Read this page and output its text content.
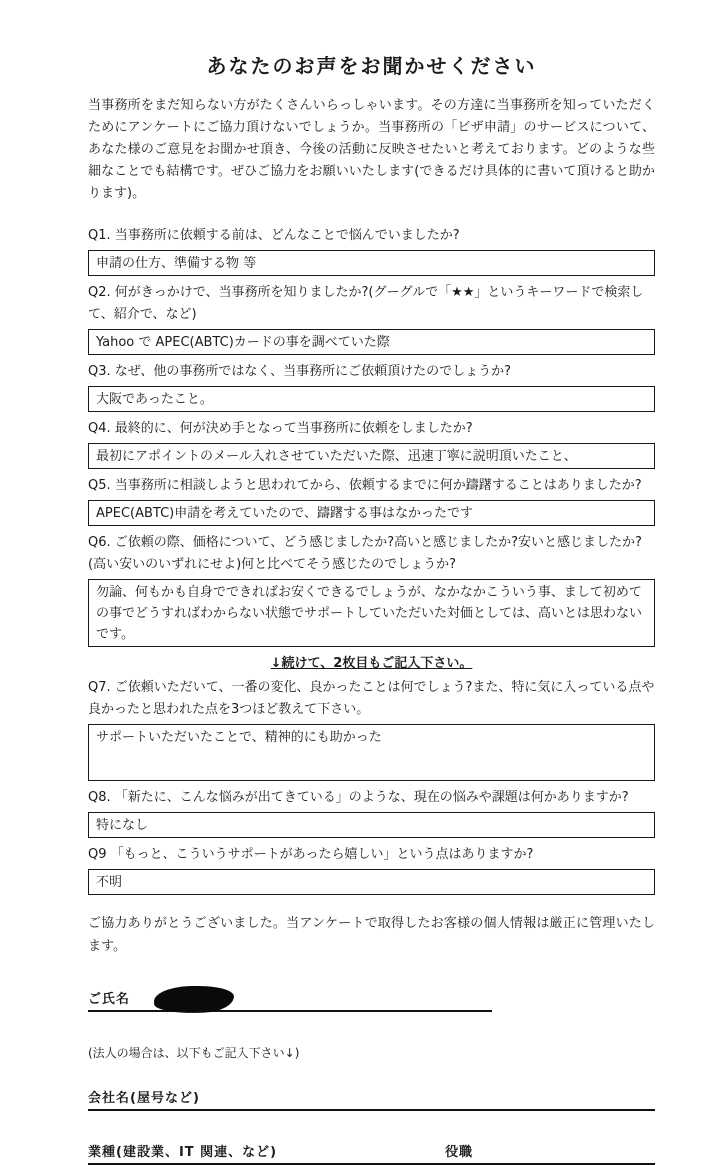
あなたのお声をお聞かせください

当事務所をまだ知らない方がたくさんいらっしゃいます。その方達に当事務所を知っていただくためにアンケートにご協力頂けないでしょうか。当事務所の「ビザ申請」のサービスについて、あなた様のご意見をお聞かせ頂き、今後の活動に反映させたいと考えております。どのような些細なことでも結構です。ぜひご協力をお願いいたします(できるだけ具体的に書いて頂けると助かります)。

Q1. 当事務所に依頼する前は、どんなことで悩んでいましたか?

申請の仕方、準備する物 等

Q2. 何がきっかけで、当事務所を知りましたか?(グーグルで「★★」というキーワードで検索して、紹介で、など)

Yahoo で APEC(ABTC)カードの事を調べていた際

Q3. なぜ、他の事務所ではなく、当事務所にご依頼頂けたのでしょうか?

大阪であったこと。

Q4. 最終的に、何が決め手となって当事務所に依頼をしましたか?

最初にアポイントのメール入れさせていただいた際、迅速丁寧に説明頂いたこと、

Q5. 当事務所に相談しようと思われてから、依頼するまでに何か躊躇することはありましたか?

APEC(ABTC)申請を考えていたので、躊躇する事はなかったです

Q6. ご依頼の際、価格について、どう感じましたか?高いと感じましたか?安いと感じましたか?(高い安いのいずれにせよ)何と比べてそう感じたのでしょうか?

勿論、何もかも自身でできればお安くできるでしょうが、なかなかこういう事、まして初めての事でどうすればわからない状態でサポートしていただいた対価としては、高いとは思わないです。

↓続けて、2枚目もご記入下さい。

Q7. ご依頼いただいて、一番の変化、良かったことは何でしょう?また、特に気に入っている点や良かったと思われた点を3つほど教えて下さい。

サポートいただいたことで、精神的にも助かった

Q8. 「新たに、こんな悩みが出てきている」のような、現在の悩みや課題は何かありますか?

特になし

Q9 「もっと、こういうサポートがあったら嬉しい」という点はありますか?

不明

ご協力ありがとうございました。当アンケートで取得したお客様の個人情報は厳正に管理いたします。

ご氏名

(法人の場合は、以下もご記入下さい↓)

会社名(屋号など)
業種(建設業、IT 関連、など)	役職
